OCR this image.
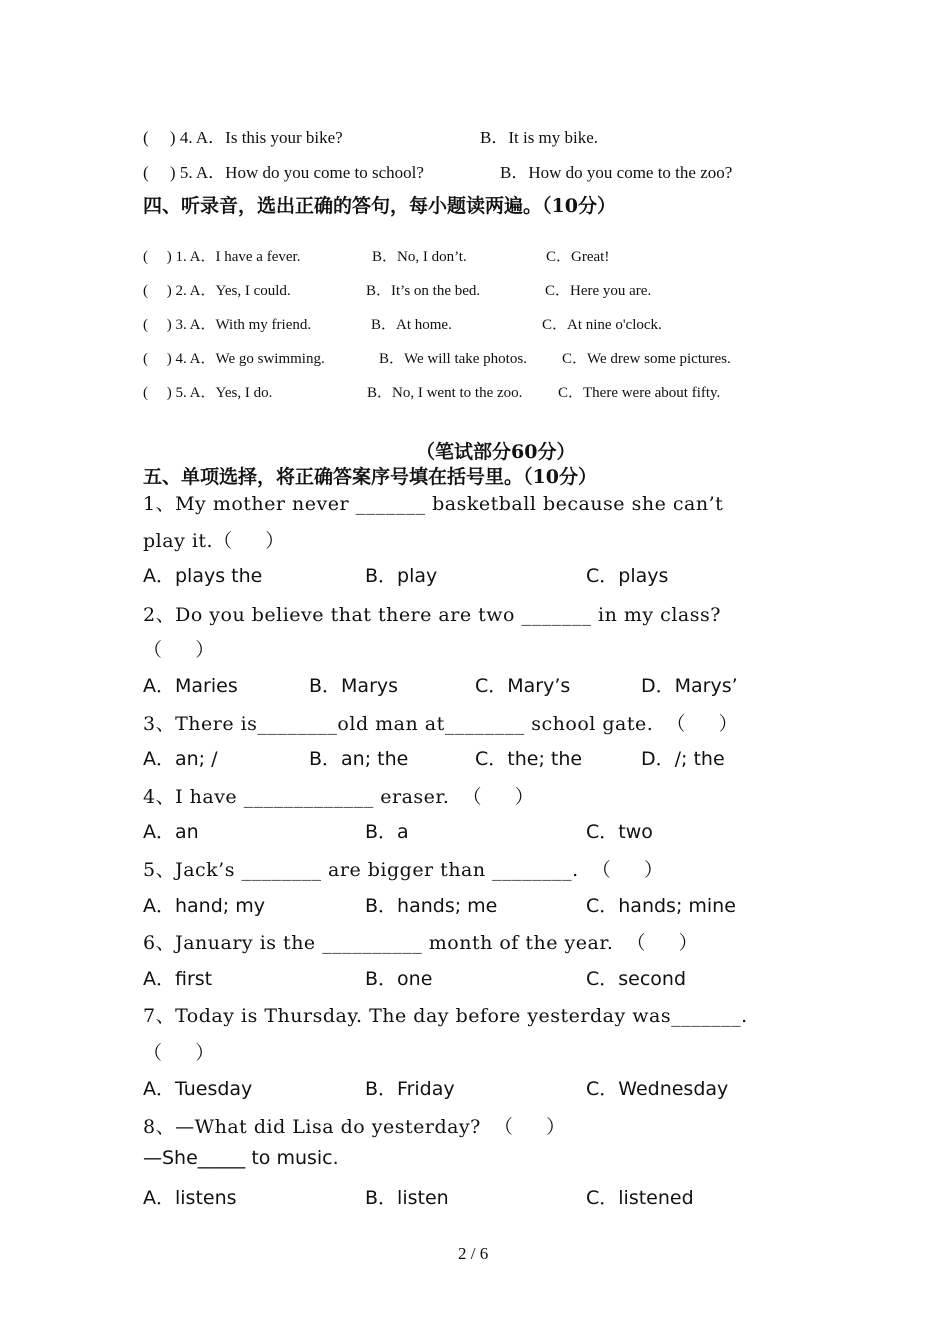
(     ) 4. A．Is this your bike?	B．It is my bike.
(     ) 5. A．How do you come to school?	B．How do you come to the zoo?
四、听录音，选出正确的答句，每小题读两遍。（10分）
(     ) 1. A．I have a fever.	B．No, I don’t.	C．Great!
(     ) 2. A．Yes, I could.	B．It’s on the bed.	C．Here you are.
(     ) 3. A．With my friend.	B．At home.	C．At nine o'clock.
(     ) 4. A．We go swimming.	B．We will take photos. C．We drew some pictures.
(     ) 5. A．Yes, I do.	B．No, I went to the zoo. C．There were about fifty.
（笔试部分60分）
五、单项选择，将正确答案序号填在括号里。（10分）
1、My mother never _______ basketball because she can’t
play it.（     ）
A．plays the	B．play	C．plays
2、Do you believe that there are two _______ in my class?
（     ）
A．Maries	B．Marys	C．Mary’s	D．Marys’
3、There is________old man at________ school gate.  （     ）
A．an; /	B．an; the	C．the; the	D．/; the
4、I have _____________ eraser.  （     ）
A．an	B．a	C．two
5、Jack’s ________ are bigger than ________.  （     ）
A．hand; my	B．hands; me	C．hands; mine
6、January is the __________ month of the year.  （     ）
A．first	B．one	C．second
7、Today is Thursday. The day before yesterday was_______.
（     ）
A．Tuesday	B．Friday	C．Wednesday
8、—What did Lisa do yesterday?  （     ）
—She_____ to music.
A．listens	B．listen	C．listened
2 / 6
